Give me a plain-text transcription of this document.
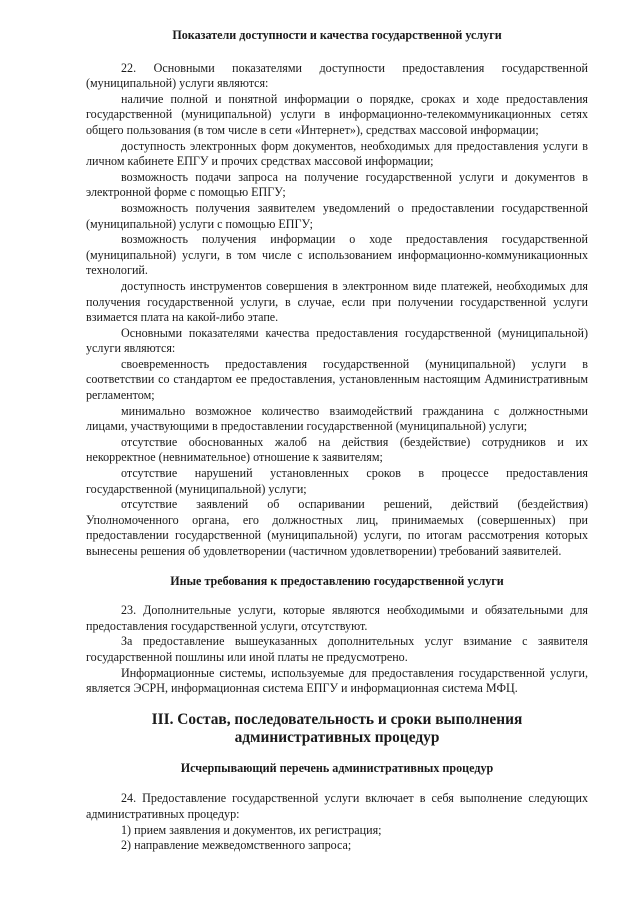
Показатели доступности и качества государственной услуги

22. Основными показателями доступности предоставления государственной (муниципальной) услуги являются:

наличие полной и понятной информации о порядке, сроках и ходе предоставления государственной (муниципальной) услуги в информационно-телекоммуникационных сетях общего пользования (в том числе в сети «Интернет»), средствах массовой информации;

доступность электронных форм документов, необходимых для предоставления услуги в личном кабинете ЕПГУ и прочих средствах массовой информации;

возможность подачи запроса на получение государственной услуги и документов в электронной форме с помощью ЕПГУ;

возможность получения заявителем уведомлений о предоставлении государственной (муниципальной) услуги с помощью ЕПГУ;

возможность получения информации о ходе предоставления государственной (муниципальной) услуги, в том числе с использованием информационно-коммуникационных технологий.

доступность инструментов совершения в электронном виде платежей, необходимых для получения государственной услуги, в случае, если при получении государственной услуги взимается плата на какой-либо этапе.

Основными показателями качества предоставления государственной (муниципальной) услуги являются:

своевременность предоставления государственной (муниципальной) услуги в соответствии со стандартом ее предоставления, установленным настоящим Административным регламентом;

минимально возможное количество взаимодействий гражданина с должностными лицами, участвующими в предоставлении государственной (муниципальной) услуги;

отсутствие обоснованных жалоб на действия (бездействие) сотрудников и их некорректное (невнимательное) отношение к заявителям;

отсутствие нарушений установленных сроков в процессе предоставления государственной (муниципальной) услуги;

отсутствие заявлений об оспаривании решений, действий (бездействия) Уполномоченного органа, его должностных лиц, принимаемых (совершенных) при предоставлении государственной (муниципальной) услуги, по итогам рассмотрения которых вынесены решения об удовлетворении (частичном удовлетворении) требований заявителей.

Иные требования к предоставлению государственной услуги

23. Дополнительные услуги, которые являются необходимыми и обязательными для предоставления государственной услуги, отсутствуют.

За предоставление вышеуказанных дополнительных услуг взимание с заявителя государственной пошлины или иной платы не предусмотрено.

Информационные системы, используемые для предоставления государственной услуги, является ЭСРН, информационная система ЕПГУ и информационная система МФЦ.

III. Состав, последовательность и сроки выполнения административных процедур
Исчерпывающий перечень административных процедур

24. Предоставление государственной услуги включает в себя выполнение следующих административных процедур:

1) прием заявления и документов, их регистрация;

2) направление межведомственного запроса;
